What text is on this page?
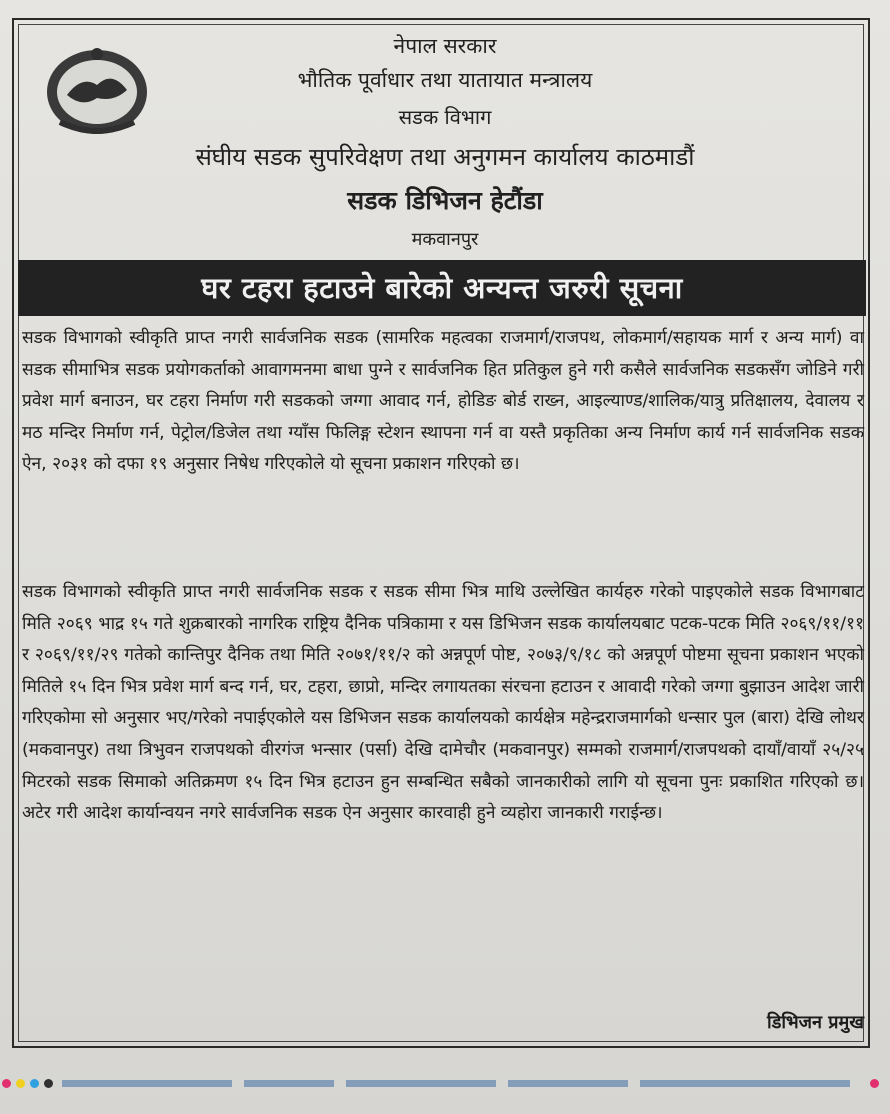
नेपाल सरकार
भौतिक पूर्वाधार तथा यातायात मन्त्रालय
सडक विभाग
संघीय सडक सुपरिवेक्षण तथा अनुगमन कार्यालय काठमाडौं
सडक डिभिजन हेटौंडा
मकवानपुर
घर टहरा हटाउने बारेको अन्यन्त जरुरी सूचना
सडक विभागको स्वीकृति प्राप्त नगरी सार्वजनिक सडक (सामरिक महत्वका राजमार्ग/राजपथ, लोकमार्ग/सहायक मार्ग र अन्य मार्ग) वा सडक सीमाभित्र सडक प्रयोगकर्ताको आवागमनमा बाधा पुग्ने र सार्वजनिक हित प्रतिकुल हुने गरी कसैले सार्वजनिक सडकसँग जोडिने गरी प्रवेश मार्ग बनाउन, घर टहरा निर्माण गरी सडकको जग्गा आवाद गर्न, होडिङ बोर्ड राख्न, आइल्याण्ड/शालिक/यात्रु प्रतिक्षालय, देवालय र मठ मन्दिर निर्माण गर्न, पेट्रोल/डिजेल तथा ग्याँस फिलिङ्ग स्टेशन स्थापना गर्न वा यस्तै प्रकृतिका अन्य निर्माण कार्य गर्न सार्वजनिक सडक ऐन, २०३१ को दफा १९ अनुसार निषेध गरिएकोले यो सूचना प्रकाशन गरिएको छ।
सडक विभागको स्वीकृति प्राप्त नगरी सार्वजनिक सडक र सडक सीमा भित्र माथि उल्लेखित कार्यहरु गरेको पाइएकोले सडक विभागबाट मिति २०६९ भाद्र १५ गते शुक्रबारको नागरिक राष्ट्रिय दैनिक पत्रिकामा र यस डिभिजन सडक कार्यालयबाट पटक-पटक मिति २०६९/११/११ र २०६९/११/२९ गतेको कान्तिपुर दैनिक तथा मिति २०७१/११/२ को अन्नपूर्ण पोष्ट, २०७३/९/१८ को अन्नपूर्ण पोष्टमा सूचना प्रकाशन भएको मितिले १५ दिन भित्र प्रवेश मार्ग बन्द गर्न, घर, टहरा, छाप्रो, मन्दिर लगायतका संरचना हटाउन र आवादी गरेको जग्गा बुझाउन आदेश जारी गरिएकोमा सो अनुसार भए/गरेको नपाईएकोले यस डिभिजन सडक कार्यालयको कार्यक्षेत्र महेन्द्रराजमार्गको धन्सार पुल (बारा) देखि लोथर (मकवानपुर) तथा त्रिभुवन राजपथको वीरगंज भन्सार (पर्सा) देखि दामेचौर (मकवानपुर) सम्मको राजमार्ग/राजपथको दायाँ/वायाँ २५/२५ मिटरको सडक सिमाको अतिक्रमण १५ दिन भित्र हटाउन हुन सम्बन्धित सबैको जानकारीको लागि यो सूचना पुनः प्रकाशित गरिएको छ। अटेर गरी आदेश कार्यान्वयन नगरे सार्वजनिक सडक ऐन अनुसार कारवाही हुने व्यहोरा जानकारी गराईन्छ।
डिभिजन प्रमुख
